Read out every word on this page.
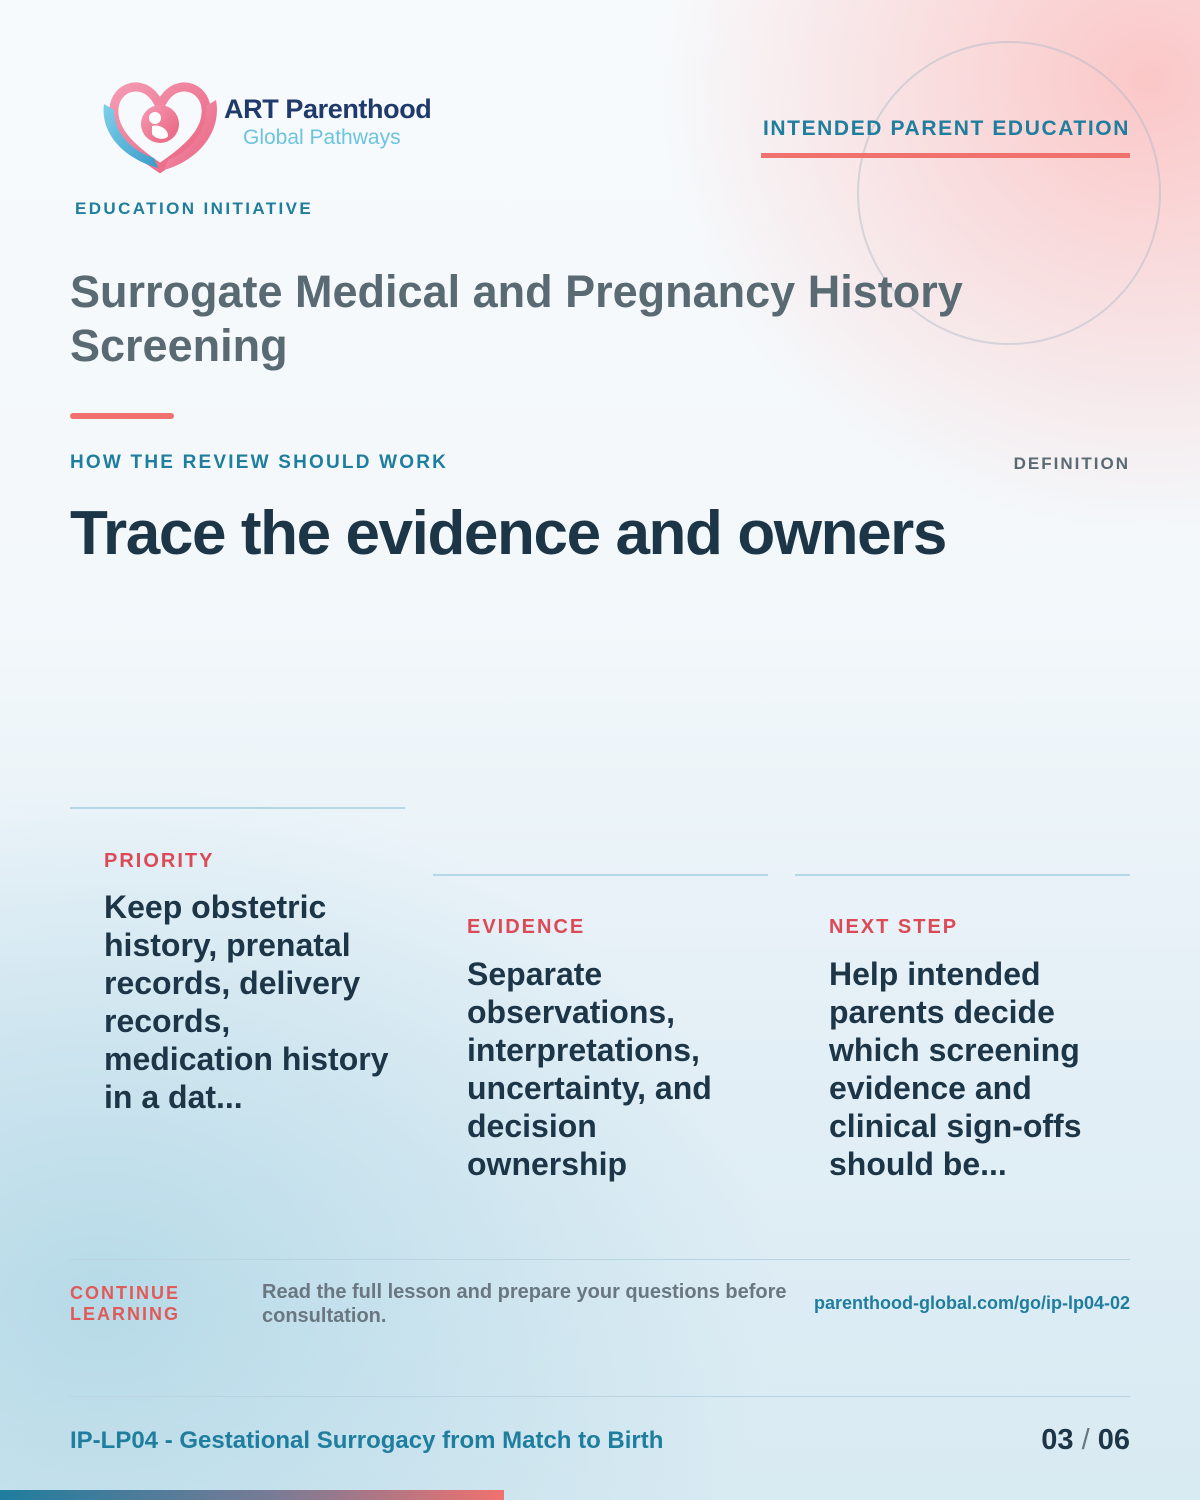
ART Parenthood
Global Pathways
EDUCATION INITIATIVE
INTENDED PARENT EDUCATION
Surrogate Medical and Pregnancy History Screening
HOW THE REVIEW SHOULD WORK	DEFINITION
Trace the evidence and owners
PRIORITY
Keep obstetric history, prenatal records, delivery records, medication history in a dat...
EVIDENCE
Separate observations, interpretations, uncertainty, and decision ownership
NEXT STEP
Help intended parents decide which screening evidence and clinical sign-offs should be...
CONTINUE LEARNING
Read the full lesson and prepare your questions before consultation.
parenthood-global.com/go/ip-lp04-02
IP-LP04 - Gestational Surrogacy from Match to Birth	03 / 06
